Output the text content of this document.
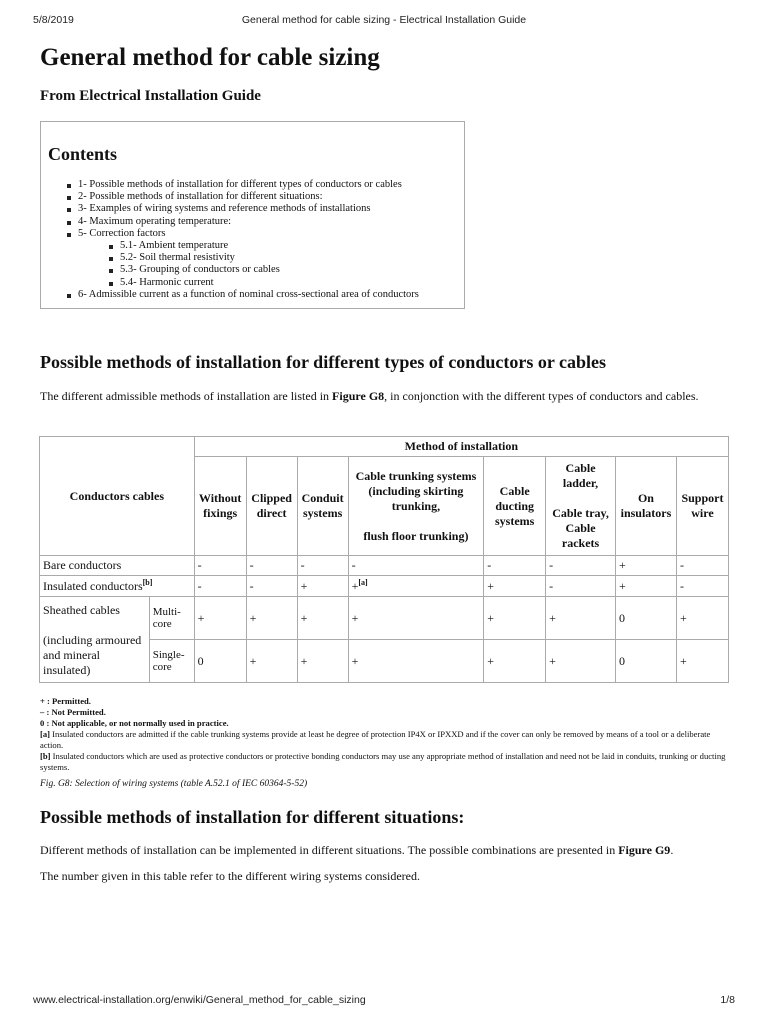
5/8/2019	General method for cable sizing - Electrical Installation Guide
General method for cable sizing
From Electrical Installation Guide
Contents
1- Possible methods of installation for different types of conductors or cables
2- Possible methods of installation for different situations:
3- Examples of wiring systems and reference methods of installations
4- Maximum operating temperature:
5- Correction factors
5.1- Ambient temperature
5.2- Soil thermal resistivity
5.3- Grouping of conductors or cables
5.4- Harmonic current
6- Admissible current as a function of nominal cross-sectional area of conductors
Possible methods of installation for different types of conductors or cables
The different admissible methods of installation are listed in Figure G8, in conjonction with the different types of conductors and cables.
Conductors cables		Method of installation							
		Without fixings	Clipped direct	Conduit systems	Cable trunking systems (including skirting trunking,

flush floor trunking)	Cable ducting systems	Cable ladder,

Cable tray, Cable rackets	On insulators	Support wire
Bare conductors		-	-	-	-	-	-	+	-
Insulated conductors[b]		-	-	+	+[a]	+	-	+	-
Sheathed cables

(including armoured and mineral insulated)	Multi-core	+	+	+	+	+	+	0	+
	Single-core	0	+	+	+	+	+	0	+
+ : Permitted.
– : Not Permitted.
0 : Not applicable, or not normally used in practice.
[a] Insulated conductors are admitted if the cable trunking systems provide at least he degree of protection IP4X or IPXXD and if the cover can only be removed by means of a tool or a deliberate action.
[b] Insulated conductors which are used as protective conductors or protective bonding conductors may use any appropriate method of installation and need not be laid in conduits, trunking or ducting systems.
Fig. G8: Selection of wiring systems (table A.52.1 of IEC 60364-5-52)
Possible methods of installation for different situations:
Different methods of installation can be implemented in different situations. The possible combinations are presented in Figure G9.
The number given in this table refer to the different wiring systems considered.
www.electrical-installation.org/enwiki/General_method_for_cable_sizing	1/8
